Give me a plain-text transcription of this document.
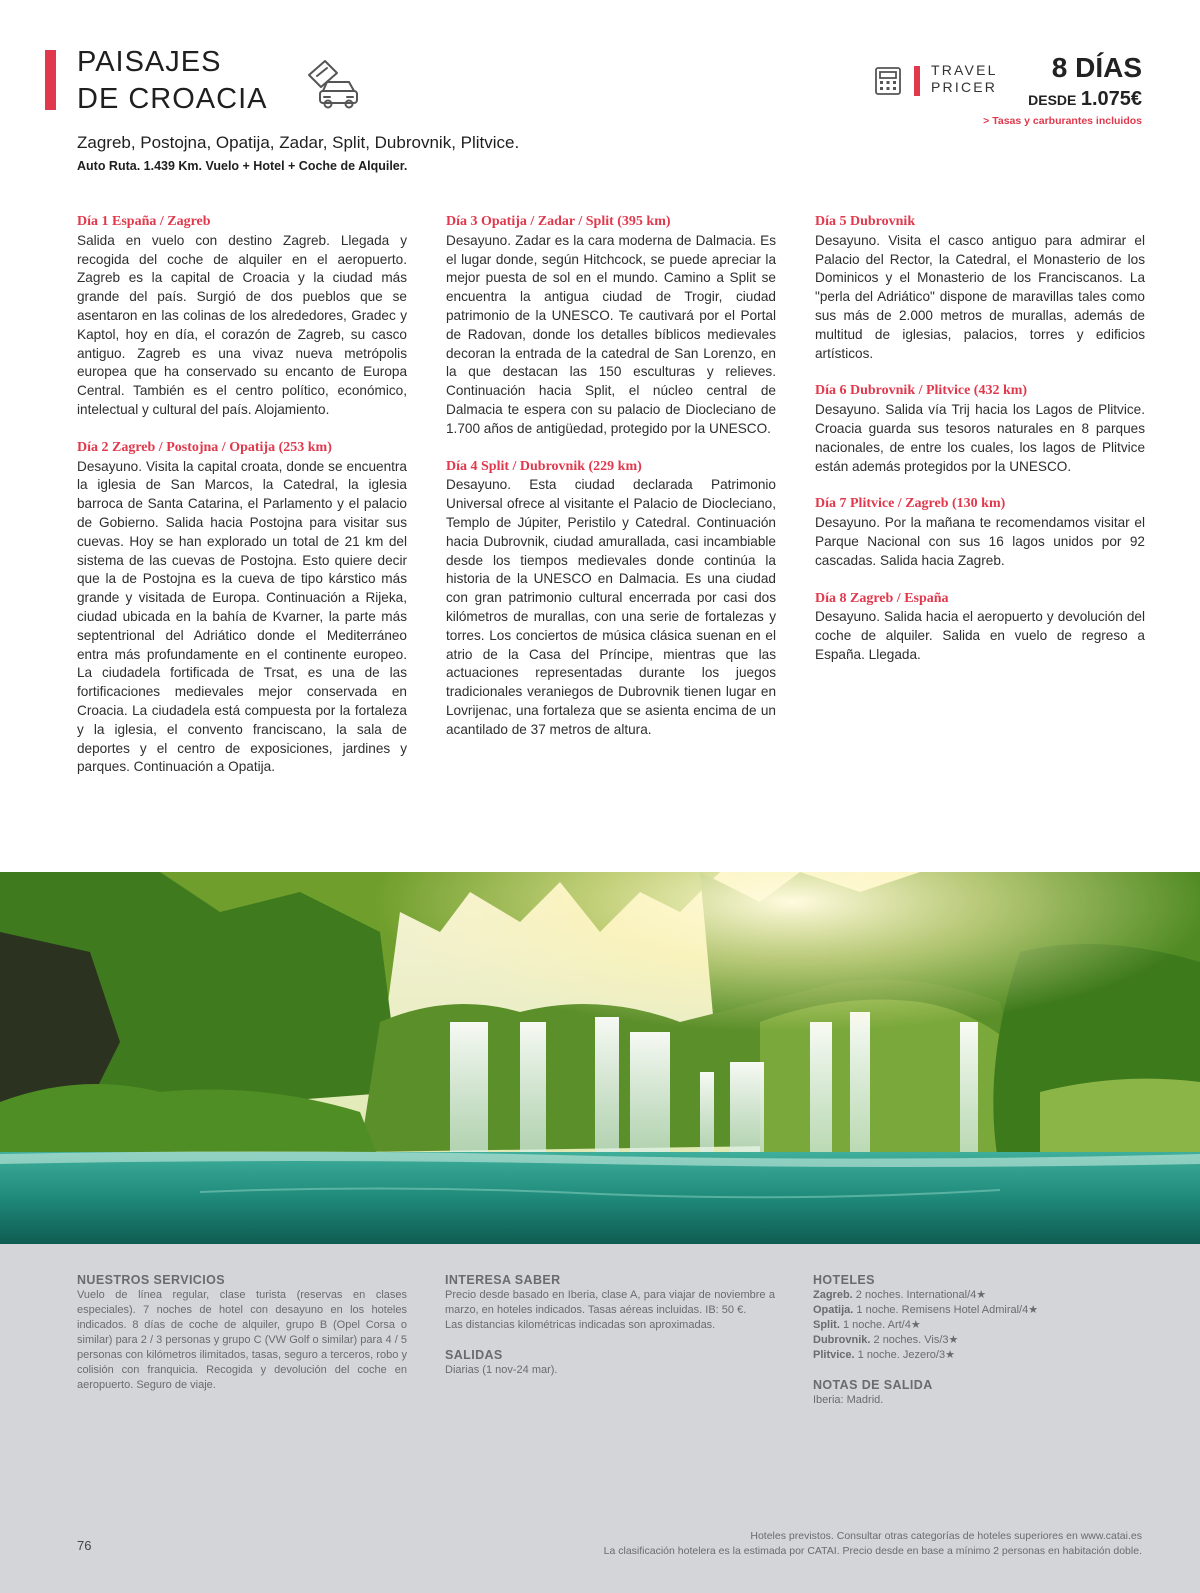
PAISAJES
DE CROACIA
TRAVEL
PRICER
8 DÍAS
DESDE 1.075€
> Tasas y carburantes incluidos
Zagreb, Postojna, Opatija, Zadar, Split, Dubrovnik, Plitvice.
Auto Ruta. 1.439 Km. Vuelo + Hotel + Coche de Alquiler.
Día 1 España / Zagreb
Salida en vuelo con destino Zagreb. Llegada y recogida del coche de alquiler en el aeropuerto. Zagreb es la capital de Croacia y la ciudad más grande del país. Surgió de dos pueblos que se asentaron en las colinas de los alrededores, Gradec y Kaptol, hoy en día, el corazón de Zagreb, su casco antiguo. Zagreb es una vivaz nueva metrópolis europea que ha conservado su encanto de Europa Central. También es el centro político, económico, intelectual y cultural del país. Alojamiento.
Día 2 Zagreb / Postojna / Opatija (253 km)
Desayuno. Visita la capital croata, donde se encuentra la iglesia de San Marcos, la Catedral, la iglesia barroca de Santa Catarina, el Parlamento y el palacio de Gobierno. Salida hacia Postojna para visitar sus cuevas. Hoy se han explorado un total de 21 km del sistema de las cuevas de Postojna. Esto quiere decir que la de Postojna es la cueva de tipo kárstico más grande y visitada de Europa. Continuación a Rijeka, ciudad ubicada en la bahía de Kvarner, la parte más septentrional del Adriático donde el Mediterráneo entra más profundamente en el continente europeo. La ciudadela fortificada de Trsat, es una de las fortificaciones medievales mejor conservada en Croacia. La ciudadela está compuesta por la fortaleza y la iglesia, el convento franciscano, la sala de deportes y el centro de exposiciones, jardines y parques. Continuación a Opatija.
Día 3 Opatija / Zadar / Split (395 km)
Desayuno. Zadar es la cara moderna de Dalmacia. Es el lugar donde, según Hitchcock, se puede apreciar la mejor puesta de sol en el mundo. Camino a Split se encuentra la antigua ciudad de Trogir, ciudad patrimonio de la UNESCO. Te cautivará por el Portal de Radovan, donde los detalles bíblicos medievales decoran la entrada de la catedral de San Lorenzo, en la que destacan las 150 esculturas y relieves. Continuación hacia Split, el núcleo central de Dalmacia te espera con su palacio de Diocleciano de 1.700 años de antigüedad, protegido por la UNESCO.
Día 4 Split / Dubrovnik (229 km)
Desayuno. Esta ciudad declarada Patrimonio Universal ofrece al visitante el Palacio de Diocleciano, Templo de Júpiter, Peristilo y Catedral. Continuación hacia Dubrovnik, ciudad amurallada, casi incambiable desde los tiempos medievales donde continúa la historia de la UNESCO en Dalmacia. Es una ciudad con gran patrimonio cultural encerrada por casi dos kilómetros de murallas, con una serie de fortalezas y torres. Los conciertos de música clásica suenan en el atrio de la Casa del Príncipe, mientras que las actuaciones representadas durante los juegos tradicionales veraniegos de Dubrovnik tienen lugar en Lovrijenac, una fortaleza que se asienta encima de un acantilado de 37 metros de altura.
Día 5 Dubrovnik
Desayuno. Visita el casco antiguo para admirar el Palacio del Rector, la Catedral, el Monasterio de los Dominicos y el Monasterio de los Franciscanos. La "perla del Adriático" dispone de maravillas tales como sus más de 2.000 metros de murallas, además de multitud de iglesias, palacios, torres y edificios artísticos.
Día 6 Dubrovnik / Plitvice (432 km)
Desayuno. Salida vía Trij hacia los Lagos de Plitvice. Croacia guarda sus tesoros naturales en 8 parques nacionales, de entre los cuales, los lagos de Plitvice están además protegidos por la UNESCO.
Día 7 Plitvice / Zagreb (130 km)
Desayuno. Por la mañana te recomendamos visitar el Parque Nacional con sus 16 lagos unidos por 92 cascadas. Salida hacia Zagreb.
Día 8 Zagreb / España
Desayuno. Salida hacia el aeropuerto y devolución del coche de alquiler. Salida en vuelo de regreso a España. Llegada.
NUESTROS SERVICIOS
Vuelo de línea regular, clase turista (reservas en clases especiales). 7 noches de hotel con desayuno en los hoteles indicados. 8 días de coche de alquiler, grupo B (Opel Corsa o similar) para 2 / 3 personas y grupo C (VW Golf o similar) para 4 / 5 personas con kilómetros ilimitados, tasas, seguro a terceros, robo y colisión con franquicia. Recogida y devolución del coche en aeropuerto. Seguro de viaje.
INTERESA SABER
Precio desde basado en Iberia, clase A, para viajar de noviembre a marzo, en hoteles indicados. Tasas aéreas incluidas. IB: 50 €.
Las distancias kilométricas indicadas son aproximadas.
SALIDAS
Diarias (1 nov-24 mar).
HOTELES
Zagreb. 2 noches. International/4★
Opatija. 1 noche. Remisens Hotel Admiral/4★
Split. 1 noche. Art/4★
Dubrovnik. 2 noches. Vis/3★
Plitvice. 1 noche. Jezero/3★
NOTAS DE SALIDA
Iberia: Madrid.
76
Hoteles previstos. Consultar otras categorías de hoteles superiores en www.catai.es
La clasificación hotelera es la estimada por CATAI. Precio desde en base a mínimo 2 personas en habitación doble.
